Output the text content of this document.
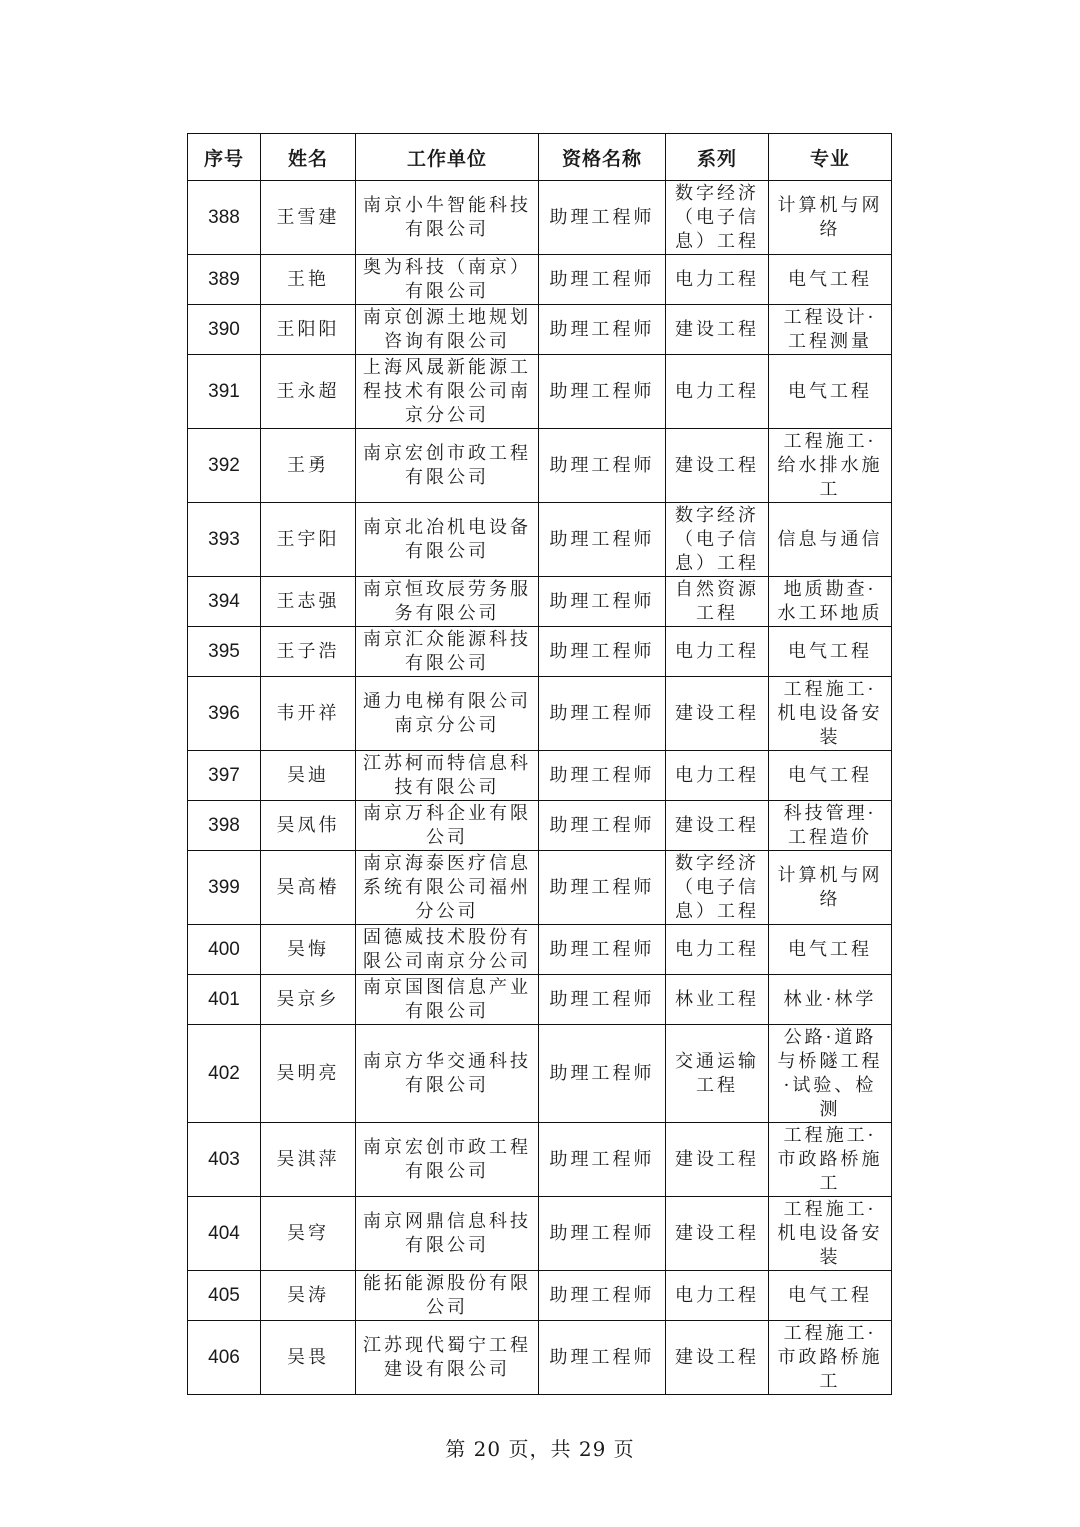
序号	姓名	工作单位	资格名称	系列	专业
388	王雪建	南京小牛智能科技有限公司	助理工程师	数字经济（电子信息）工程	计算机与网络
389	王艳	奥为科技（南京）有限公司	助理工程师	电力工程	电气工程
390	王阳阳	南京创源土地规划咨询有限公司	助理工程师	建设工程	工程设计·工程测量
391	王永超	上海风晟新能源工程技术有限公司南京分公司	助理工程师	电力工程	电气工程
392	王勇	南京宏创市政工程有限公司	助理工程师	建设工程	工程施工·给水排水施工
393	王宇阳	南京北冶机电设备有限公司	助理工程师	数字经济（电子信息）工程	信息与通信
394	王志强	南京恒玫辰劳务服务有限公司	助理工程师	自然资源工程	地质勘查·水工环地质
395	王子浩	南京汇众能源科技有限公司	助理工程师	电力工程	电气工程
396	韦开祥	通力电梯有限公司南京分公司	助理工程师	建设工程	工程施工·机电设备安装
397	吴迪	江苏柯而特信息科技有限公司	助理工程师	电力工程	电气工程
398	吴凤伟	南京万科企业有限公司	助理工程师	建设工程	科技管理·工程造价
399	吴高椿	南京海泰医疗信息系统有限公司福州分公司	助理工程师	数字经济（电子信息）工程	计算机与网络
400	吴悔	固德威技术股份有限公司南京分公司	助理工程师	电力工程	电气工程
401	吴京乡	南京国图信息产业有限公司	助理工程师	林业工程	林业·林学
402	吴明亮	南京方华交通科技有限公司	助理工程师	交通运输工程	公路·道路与桥隧工程·试验、检测
403	吴淇萍	南京宏创市政工程有限公司	助理工程师	建设工程	工程施工·市政路桥施工
404	吴穹	南京网鼎信息科技有限公司	助理工程师	建设工程	工程施工·机电设备安装
405	吴涛	能拓能源股份有限公司	助理工程师	电力工程	电气工程
406	吴畏	江苏现代蜀宁工程建设有限公司	助理工程师	建设工程	工程施工·市政路桥施工
第 20 页，共 29 页
